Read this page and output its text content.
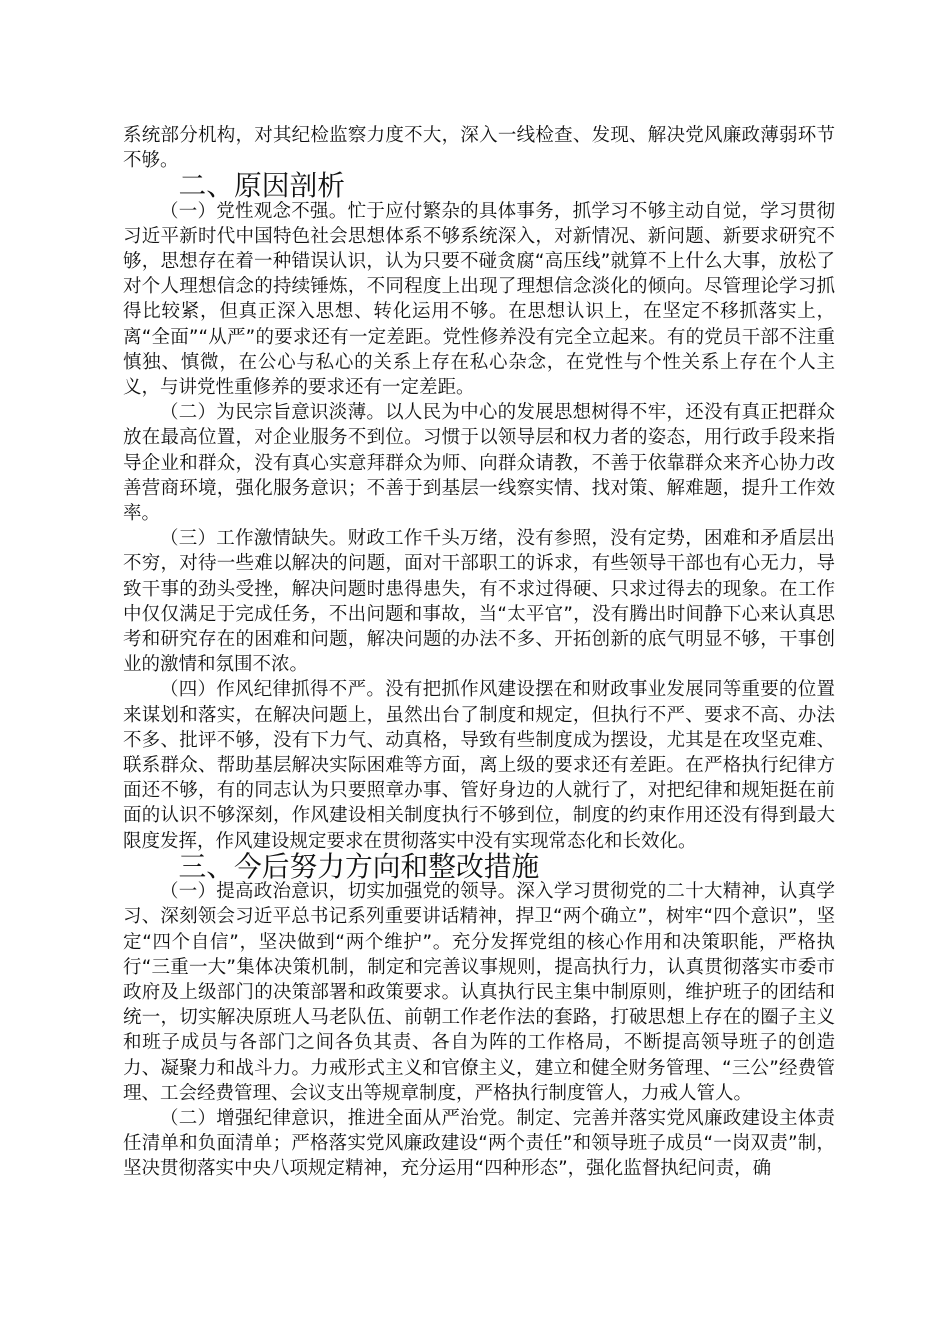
系统部分机构，对其纪检监察力度不大，深入一线检查、发现、解决党风廉政薄弱环节不够。

二、原因剖析

（一）党性观念不强。忙于应付繁杂的具体事务，抓学习不够主动自觉，学习贯彻习近平新时代中国特色社会思想体系不够系统深入，对新情况、新问题、新要求研究不够，思想存在着一种错误认识，认为只要不碰贪腐“高压线”就算不上什么大事，放松了对个人理想信念的持续锤炼，不同程度上出现了理想信念淡化的倾向。尽管理论学习抓得比较紧，但真正深入思想、转化运用不够。在思想认识上，在坚定不移抓落实上，离“全面”“从严”的要求还有一定差距。党性修养没有完全立起来。有的党员干部不注重慎独、慎微，在公心与私心的关系上存在私心杂念，在党性与个性关系上存在个人主义，与讲党性重修养的要求还有一定差距。

（二）为民宗旨意识淡薄。以人民为中心的发展思想树得不牢，还没有真正把群众放在最高位置，对企业服务不到位。习惯于以领导层和权力者的姿态，用行政手段来指导企业和群众，没有真心实意拜群众为师、向群众请教，不善于依靠群众来齐心协力改善营商环境，强化服务意识；不善于到基层一线察实情、找对策、解难题，提升工作效率。

（三）工作激情缺失。财政工作千头万绪，没有参照，没有定势，困难和矛盾层出不穷，对待一些难以解决的问题，面对干部职工的诉求，有些领导干部也有心无力，导致干事的劲头受挫，解决问题时患得患失，有不求过得硬、只求过得去的现象。在工作中仅仅满足于完成任务，不出问题和事故，当“太平官”，没有腾出时间静下心来认真思考和研究存在的困难和问题，解决问题的办法不多、开拓创新的底气明显不够，干事创业的激情和氛围不浓。

（四）作风纪律抓得不严。没有把抓作风建设摆在和财政事业发展同等重要的位置来谋划和落实，在解决问题上，虽然出台了制度和规定，但执行不严、要求不高、办法不多、批评不够，没有下力气、动真格，导致有些制度成为摆设，尤其是在攻坚克难、联系群众、帮助基层解决实际困难等方面，离上级的要求还有差距。在严格执行纪律方面还不够，有的同志认为只要照章办事、管好身边的人就行了，对把纪律和规矩挺在前面的认识不够深刻，作风建设相关制度执行不够到位，制度的约束作用还没有得到最大限度发挥，作风建设规定要求在贯彻落实中没有实现常态化和长效化。

三、今后努力方向和整改措施

（一）提高政治意识，切实加强党的领导。深入学习贯彻党的二十大精神，认真学习、深刻领会习近平总书记系列重要讲话精神，捍卫“两个确立”，树牢“四个意识”，坚定“四个自信”，坚决做到“两个维护”。充分发挥党组的核心作用和决策职能，严格执行“三重一大”集体决策机制，制定和完善议事规则，提高执行力，认真贯彻落实市委市政府及上级部门的决策部署和政策要求。认真执行民主集中制原则，维护班子的团结和统一，切实解决原班人马老队伍、前朝工作老作法的套路，打破思想上存在的圈子主义和班子成员与各部门之间各负其责、各自为阵的工作格局，不断提高领导班子的创造力、凝聚力和战斗力。力戒形式主义和官僚主义，建立和健全财务管理、“三公”经费管理、工会经费管理、会议支出等规章制度，严格执行制度管人，力戒人管人。

（二）增强纪律意识，推进全面从严治党。制定、完善并落实党风廉政建设主体责任清单和负面清单；严格落实党风廉政建设“两个责任”和领导班子成员“一岗双责”制，坚决贯彻落实中央八项规定精神，充分运用“四种形态”，强化监督执纪问责，确
